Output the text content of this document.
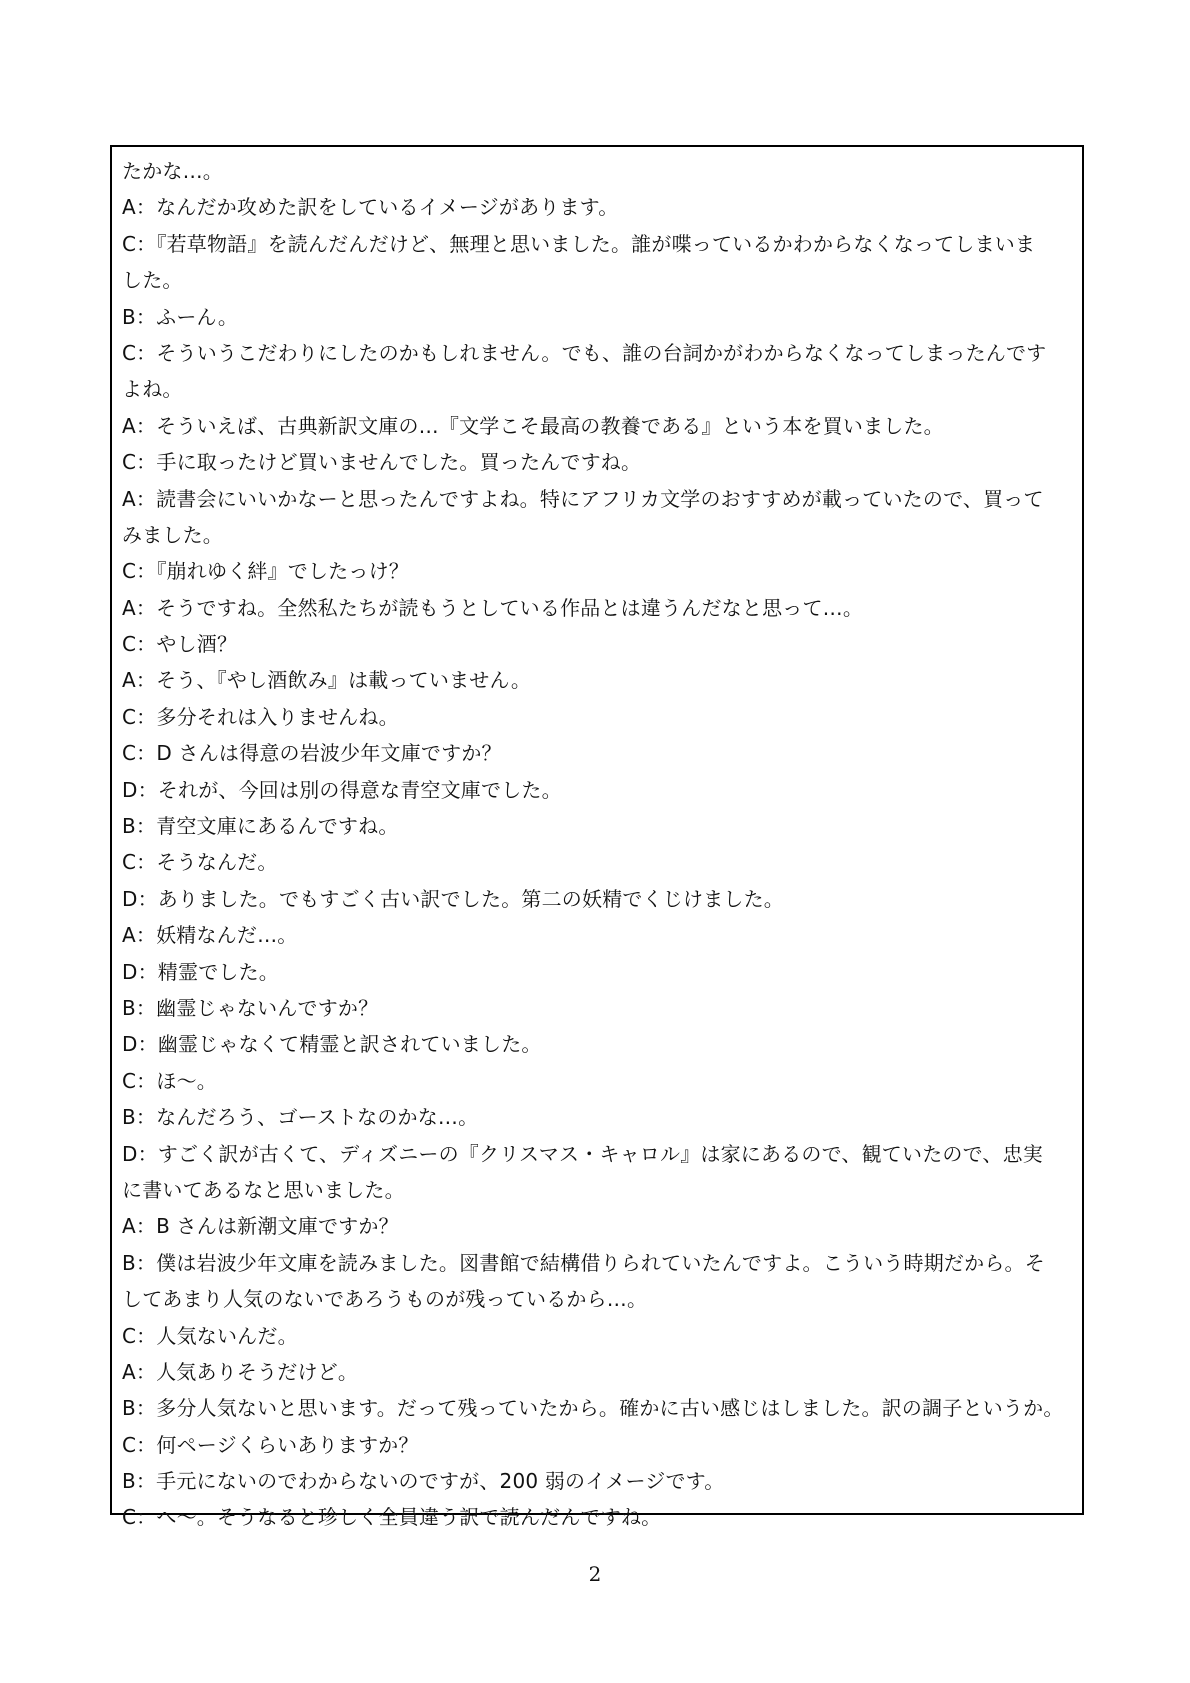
たかな…。
A：なんだか攻めた訳をしているイメージがあります。
C：『若草物語』を読んだんだけど、無理と思いました。誰が喋っているかわからなくなってしまいま
した。
B：ふーん。
C：そういうこだわりにしたのかもしれません。でも、誰の台詞かがわからなくなってしまったんです
よね。
A：そういえば、古典新訳文庫の…『文学こそ最高の教養である』という本を買いました。
C：手に取ったけど買いませんでした。買ったんですね。
A：読書会にいいかなーと思ったんですよね。特にアフリカ文学のおすすめが載っていたので、買って
みました。
C：『崩れゆく絆』でしたっけ？
A：そうですね。全然私たちが読もうとしている作品とは違うんだなと思って…。
C：やし酒？
A：そう、『やし酒飲み』は載っていません。
C：多分それは入りませんね。
C：D さんは得意の岩波少年文庫ですか？
D：それが、今回は別の得意な青空文庫でした。
B：青空文庫にあるんですね。
C：そうなんだ。
D：ありました。でもすごく古い訳でした。第二の妖精でくじけました。
A：妖精なんだ…。
D：精霊でした。
B：幽霊じゃないんですか？
D：幽霊じゃなくて精霊と訳されていました。
C：ほ〜。
B：なんだろう、ゴーストなのかな…。
D：すごく訳が古くて、ディズニーの『クリスマス・キャロル』は家にあるので、観ていたので、忠実
に書いてあるなと思いました。
A：B さんは新潮文庫ですか？
B：僕は岩波少年文庫を読みました。図書館で結構借りられていたんですよ。こういう時期だから。そ
してあまり人気のないであろうものが残っているから…。
C：人気ないんだ。
A：人気ありそうだけど。
B：多分人気ないと思います。だって残っていたから。確かに古い感じはしました。訳の調子というか。
C：何ページくらいありますか？
B：手元にないのでわからないのですが、200 弱のイメージです。
C：へ〜。そうなると珍しく全員違う訳で読んだんですね。
2
